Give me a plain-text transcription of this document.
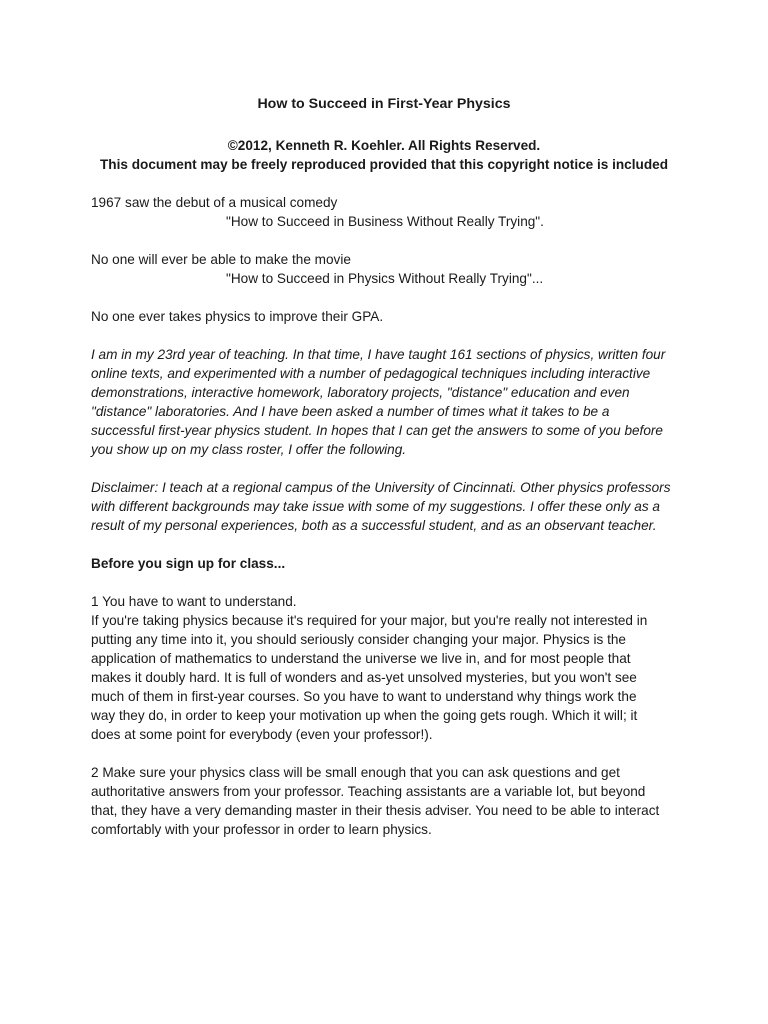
How to Succeed in First-Year Physics
©2012, Kenneth R. Koehler. All Rights Reserved.
This document may be freely reproduced provided that this copyright notice is included
1967 saw the debut of a musical comedy
"How to Succeed in Business Without Really Trying".
No one will ever be able to make the movie
"How to Succeed in Physics Without Really Trying"...
No one ever takes physics to improve their GPA.
I am in my 23rd year of teaching. In that time, I have taught 161 sections of physics, written four
online texts, and experimented with a number of pedagogical techniques including interactive
demonstrations, interactive homework, laboratory projects, "distance" education and even
"distance" laboratories. And I have been asked a number of times what it takes to be a
successful first-year physics student. In hopes that I can get the answers to some of you before
you show up on my class roster, I offer the following.
Disclaimer: I teach at a regional campus of the University of Cincinnati. Other physics professors
with different backgrounds may take issue with some of my suggestions. I offer these only as a
result of my personal experiences, both as a successful student, and as an observant teacher.
Before you sign up for class...
1 You have to want to understand.
If you're taking physics because it's required for your major, but you're really not interested in
putting any time into it, you should seriously consider changing your major. Physics is the
application of mathematics to understand the universe we live in, and for most people that
makes it doubly hard. It is full of wonders and as-yet unsolved mysteries, but you won't see
much of them in first-year courses. So you have to want to understand why things work the
way they do, in order to keep your motivation up when the going gets rough. Which it will; it
does at some point for everybody (even your professor!).
2 Make sure your physics class will be small enough that you can ask questions and get
authoritative answers from your professor. Teaching assistants are a variable lot, but beyond
that, they have a very demanding master in their thesis adviser. You need to be able to interact
comfortably with your professor in order to learn physics.
